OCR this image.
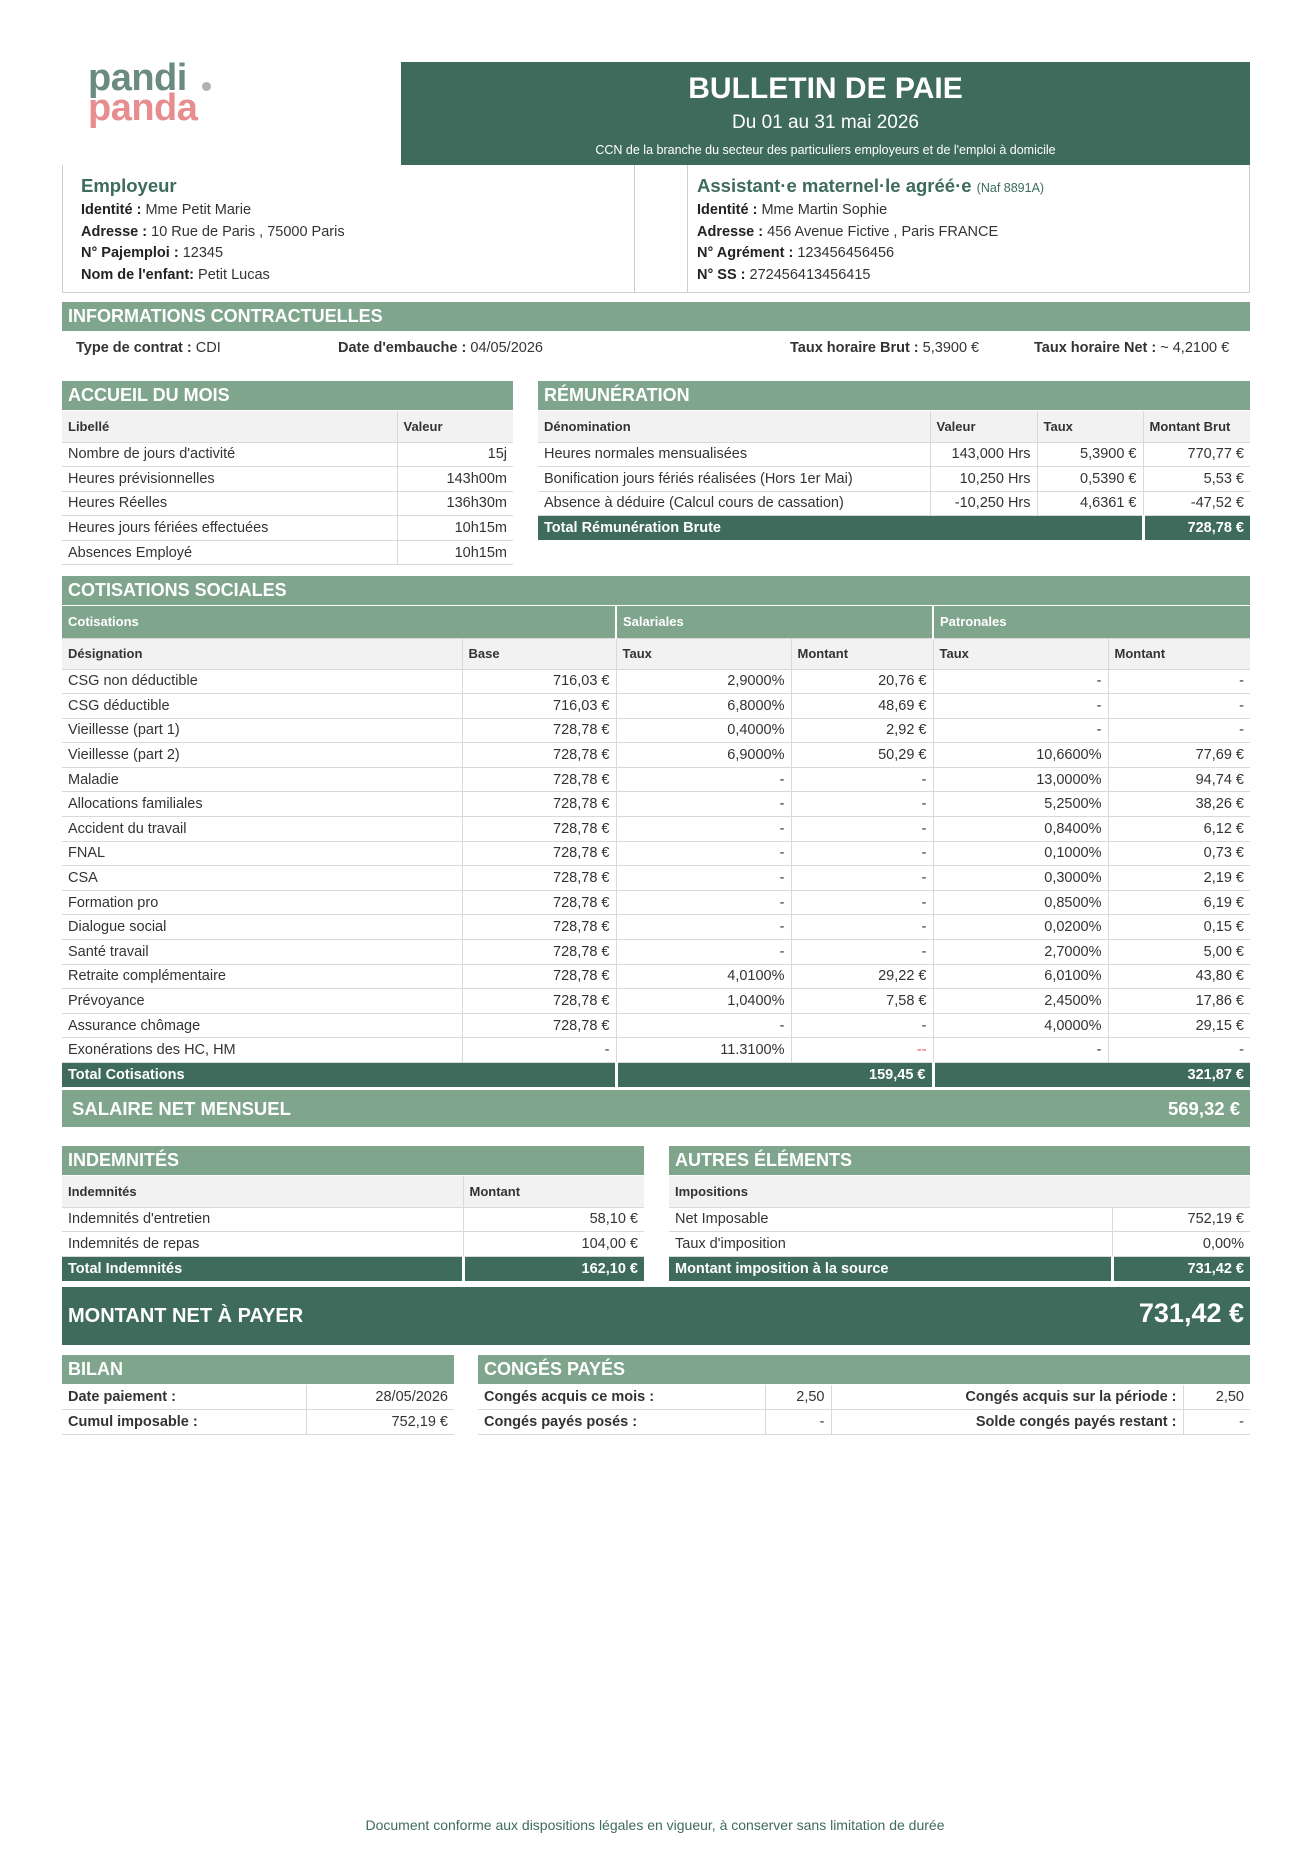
pandi
panda	BULLETIN DE PAIE
Du 01 au 31 mai 2026
CCN de la branche du secteur des particuliers employeurs et de l'emploi à domicile
Employeur
Identité : Mme Petit Marie
Adresse : 10 Rue de Paris , 75000 Paris
N° Pajemploi : 12345
Nom de l'enfant: Petit Lucas
Assistant·e maternel·le agréé·e (Naf 8891A)
Identité : Mme Martin Sophie
Adresse : 456 Avenue Fictive , Paris FRANCE
N° Agrément : 123456456456
N° SS : 272456413456415
INFORMATIONS CONTRACTUELLES
Type de contrat : CDI	Date d'embauche : 04/05/2026	Taux horaire Brut : 5,3900 €	Taux horaire Net : ~ 4,2100 €
ACCUEIL DU MOIS
Libellé	Valeur
Nombre de jours d'activité	15j
Heures prévisionnelles	143h00m
Heures Réelles	136h30m
Heures jours fériées effectuées	10h15m
Absences Employé	10h15m
RÉMUNÉRATION
Dénomination	Valeur	Taux	Montant Brut
Heures normales mensualisées	143,000 Hrs	5,3900 €	770,77 €
Bonification jours fériés réalisées (Hors 1er Mai)	10,250 Hrs	0,5390 €	5,53 €
Absence à déduire (Calcul cours de cassation)	-10,250 Hrs	4,6361 €	-47,52 €
Total Rémunération Brute			728,78 €
COTISATIONS SOCIALES
Cotisations		Salariales		Patronales	
Désignation	Base	Taux	Montant	Taux	Montant
CSG non déductible	716,03 €	2,9000%	20,76 €	-	-
CSG déductible	716,03 €	6,8000%	48,69 €	-	-
Vieillesse (part 1)	728,78 €	0,4000%	2,92 €	-	-
Vieillesse (part 2)	728,78 €	6,9000%	50,29 €	10,6600%	77,69 €
Maladie	728,78 €	-	-	13,0000%	94,74 €
Allocations familiales	728,78 €	-	-	5,2500%	38,26 €
Accident du travail	728,78 €	-	-	0,8400%	6,12 €
FNAL	728,78 €	-	-	0,1000%	0,73 €
CSA	728,78 €	-	-	0,3000%	2,19 €
Formation pro	728,78 €	-	-	0,8500%	6,19 €
Dialogue social	728,78 €	-	-	0,0200%	0,15 €
Santé travail	728,78 €	-	-	2,7000%	5,00 €
Retraite complémentaire	728,78 €	4,0100%	29,22 €	6,0100%	43,80 €
Prévoyance	728,78 €	1,0400%	7,58 €	2,4500%	17,86 €
Assurance chômage	728,78 €	-	-	4,0000%	29,15 €
Exonérations des HC, HM	-	11.3100%	--	-	-
Total Cotisations		159,45 €		321,87 €	
SALAIRE NET MENSUEL	569,32 €
INDEMNITÉS
Indemnités	Montant
Indemnités d'entretien	58,10 €
Indemnités de repas	104,00 €
Total Indemnités	162,10 €
AUTRES ÉLÉMENTS
Impositions	
Net Imposable	752,19 €
Taux d'imposition	0,00%
Montant imposition à la source	731,42 €
MONTANT NET À PAYER	731,42 €
BILAN
Date paiement :	28/05/2026
Cumul imposable :	752,19 €
CONGÉS PAYÉS
Congés acquis ce mois :	2,50	Congés acquis sur la période :	2,50
Congés payés posés :	-	Solde congés payés restant :	-
Document conforme aux dispositions légales en vigueur, à conserver sans limitation de durée
